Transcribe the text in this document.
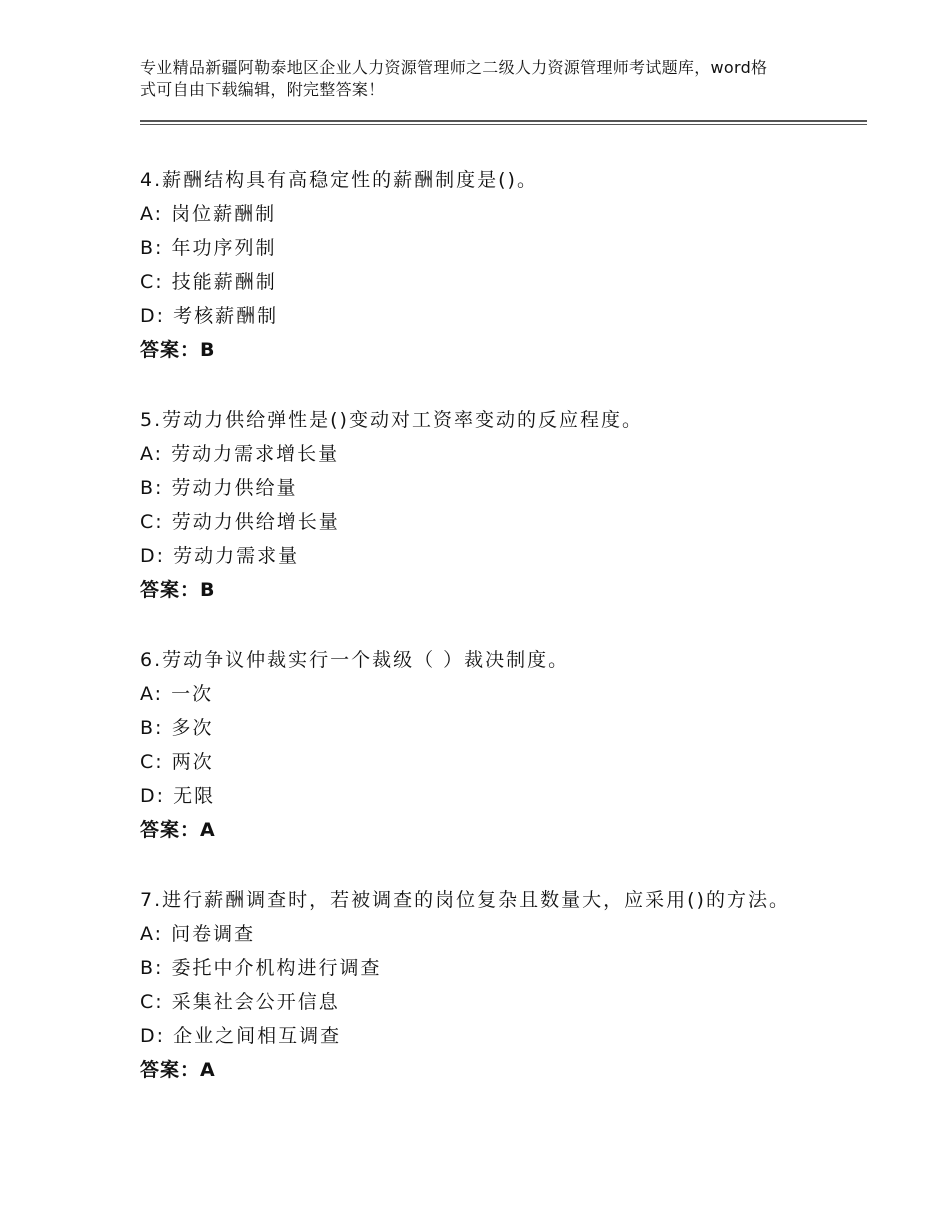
专业精品新疆阿勒泰地区企业人力资源管理师之二级人力资源管理师考试题库，word格式可自由下载编辑，附完整答案！

4.薪酬结构具有高稳定性的薪酬制度是()。

A: 岗位薪酬制

B: 年功序列制

C: 技能薪酬制

D: 考核薪酬制

答案：B

5.劳动力供给弹性是()变动对工资率变动的反应程度。

A: 劳动力需求增长量

B: 劳动力供给量

C: 劳动力供给增长量

D: 劳动力需求量

答案：B

6.劳动争议仲裁实行一个裁级（ ）裁决制度。

A: 一次

B: 多次

C: 两次

D: 无限

答案：A

7.进行薪酬调查时，若被调查的岗位复杂且数量大，应采用()的方法。

A: 问卷调查

B: 委托中介机构进行调查

C: 采集社会公开信息

D: 企业之间相互调查

答案：A
